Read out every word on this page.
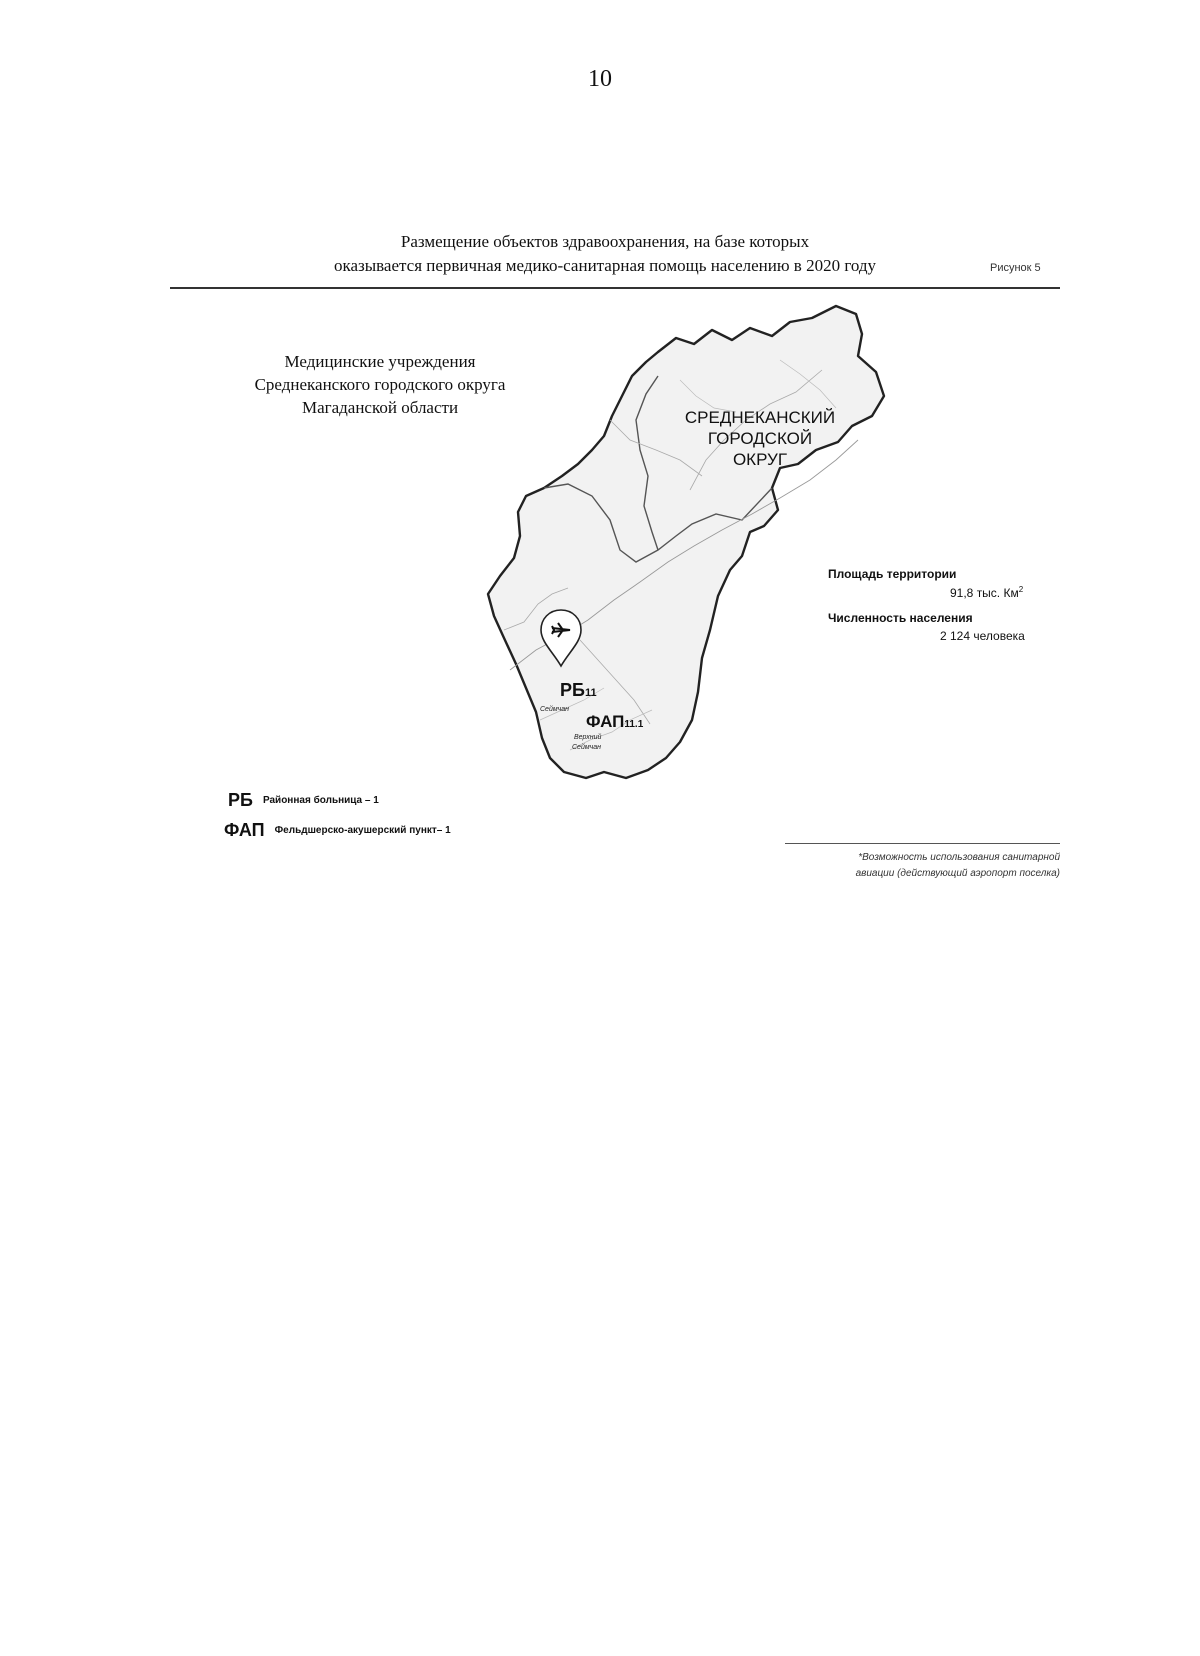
10
Размещение объектов здравоохранения, на базе которых
оказывается первичная медико-санитарная помощь населению в 2020 году	Рисунок 5
Медицинские учреждения
Среднеканского городского округа
Магаданской области
СРЕДНЕКАНСКИЙ
ГОРОДСКОЙ
ОКРУГ
РБ11
Сеймчан
ФАП11.1
Верхний
Сеймчан
Площадь территории
91,8 тыс. $Км^2$
Численность населения
2 124 человека
РБ Районная больница – 1
ФАП Фельдшерско-акушерский пункт– 1
*Возможность использования санитарной
авиации (действующий аэропорт поселка)
